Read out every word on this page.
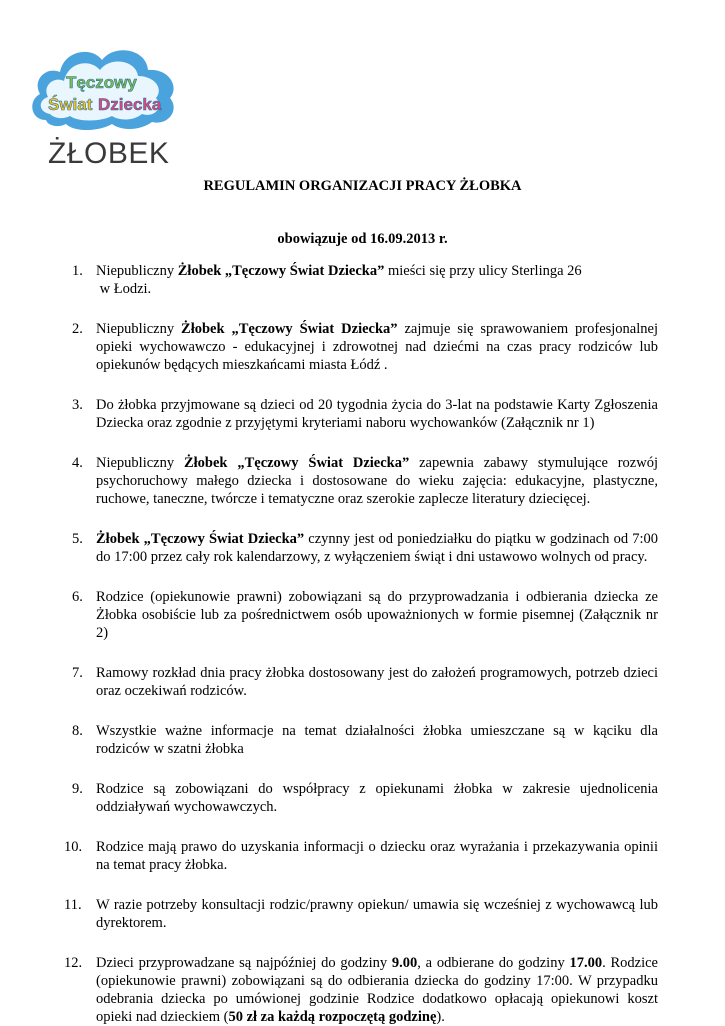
Tęczowy
Świat Dziecka
ŻŁOBEK
REGULAMIN ORGANIZACJI PRACY ŻŁOBKA
obowiązuje od 16.09.2013 r.
1. Niepubliczny Żłobek „Tęczowy Świat Dziecka” mieści się przy ulicy Sterlinga 26
w Łodzi.
2. Niepubliczny Żłobek „Tęczowy Świat Dziecka” zajmuje się sprawowaniem profesjonalnej opieki wychowawczo - edukacyjnej i zdrowotnej nad dziećmi na czas pracy rodziców lub opiekunów będących mieszkańcami miasta Łódź .
3. Do żłobka przyjmowane są dzieci od 20 tygodnia życia do 3-lat na podstawie Karty Zgłoszenia Dziecka oraz zgodnie z przyjętymi kryteriami naboru wychowanków (Załącznik nr 1)
4. Niepubliczny Żłobek „Tęczowy Świat Dziecka” zapewnia zabawy stymulujące rozwój psychoruchowy małego dziecka i dostosowane do wieku zajęcia: edukacyjne, plastyczne, ruchowe, taneczne, twórcze i tematyczne oraz szerokie zaplecze literatury dziecięcej.
5. Żłobek „Tęczowy Świat Dziecka” czynny jest od poniedziałku do piątku w godzinach od 7:00 do 17:00 przez cały rok kalendarzowy, z wyłączeniem świąt i dni ustawowo wolnych od pracy.
6. Rodzice (opiekunowie prawni) zobowiązani są do przyprowadzania i odbierania dziecka ze Żłobka osobiście lub za pośrednictwem osób upoważnionych w formie pisemnej (Załącznik nr 2)
7. Ramowy rozkład dnia pracy żłobka dostosowany jest do założeń programowych, potrzeb dzieci oraz oczekiwań rodziców.
8. Wszystkie ważne informacje na temat działalności żłobka umieszczane są w kąciku dla rodziców w szatni żłobka
9. Rodzice są zobowiązani do współpracy z opiekunami żłobka w zakresie ujednolicenia oddziaływań wychowawczych.
10. Rodzice mają prawo do uzyskania informacji o dziecku oraz wyrażania i przekazywania opinii na temat pracy żłobka.
11. W razie potrzeby konsultacji rodzic/prawny opiekun/ umawia się wcześniej z wychowawcą lub dyrektorem.
12. Dzieci przyprowadzane są najpóźniej do godziny 9.00, a odbierane do godziny 17.00. Rodzice (opiekunowie prawni) zobowiązani są do odbierania dziecka do godziny 17:00. W przypadku odebrania dziecka po umówionej godzinie Rodzice dodatkowo opłacają opiekunowi koszt opieki nad dzieckiem (50 zł za każdą rozpoczętą godzinę).
